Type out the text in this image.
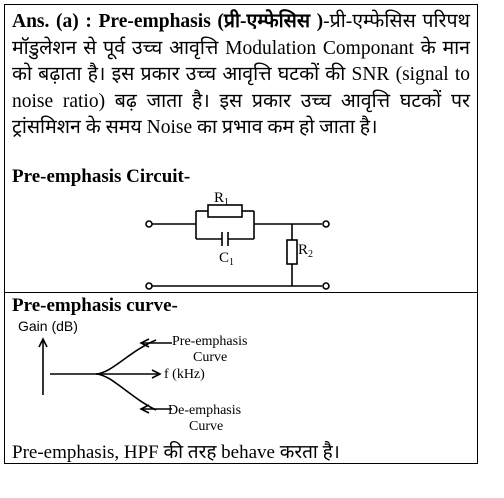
Ans. (a) : Pre-emphasis (प्री-एम्फेसिस )-प्री-एम्फेसिस परिपथ मॉडुलेशन से पूर्व उच्च आवृत्ति Modulation Componant के मान को बढ़ाता है। इस प्रकार उच्च आवृत्ति घटकों की SNR (signal to noise ratio) बढ़ जाता है। इस प्रकार उच्च आवृत्ति घटकों पर ट्रांसमिशन के समय Noise का प्रभाव कम हो जाता है।
Pre-emphasis Circuit-
$R_1$
$C_1$
$R_2$
Pre-emphasis curve-
Gain (dB)
Pre-emphasis
Curve
f (kHz)
De-emphasis
Curve
Pre-emphasis, HPF की तरह behave करता है।
